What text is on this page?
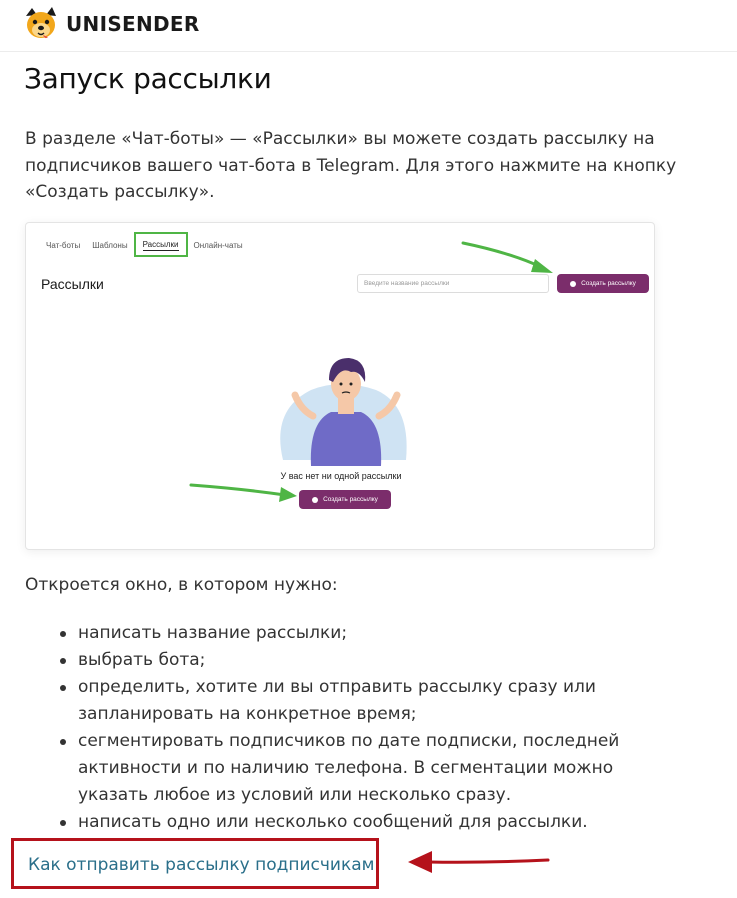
UNISENDER
Запуск рассылки

В разделе «Чат-боты» — «Рассылки» вы можете создать рассылку на подписчиков вашего чат-бота в Telegram. Для этого нажмите на кнопку «Создать рассылку».

Чат-боты	Шаблоны	Рассылки	Онлайн-чаты
Рассылки	Введите название рассылки	Создать рассылку
У вас нет ни одной рассылки
Создать рассылку

Откроется окно, в котором нужно:

написать название рассылки;
выбрать бота;
определить, хотите ли вы отправить рассылку сразу или запланировать на конкретное время;
сегментировать подписчиков по дате подписки, последней активности и по наличию телефона. В сегментации можно указать любое из условий или несколько сразу.
написать одно или несколько сообщений для рассылки.
Как отправить рассылку подписчикам
